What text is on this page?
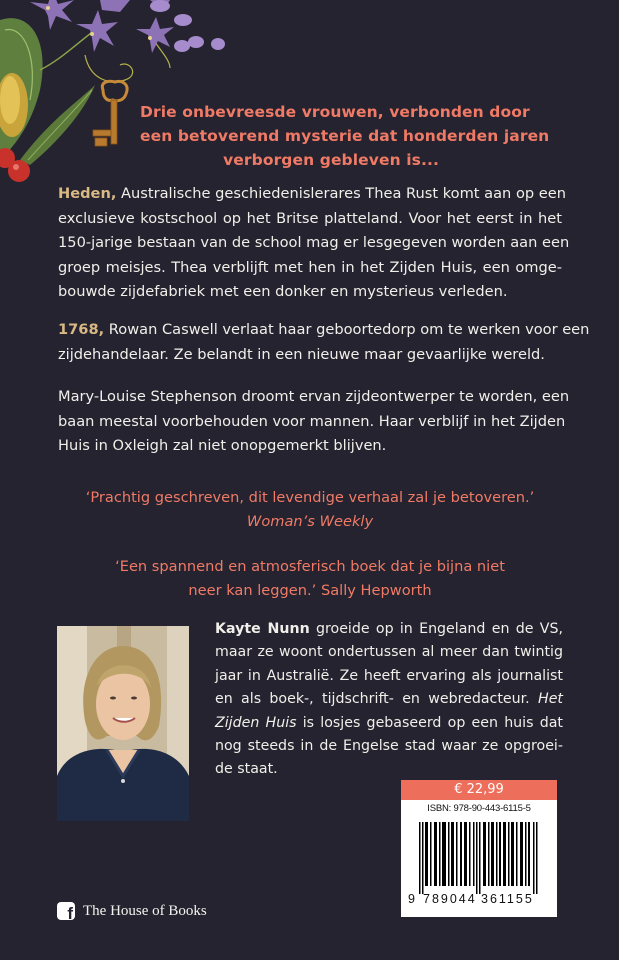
Drie onbevreesde vrouwen, verbonden door
een betoverend mysterie dat honderden jaren
verborgen gebleven is...
Heden, Australische geschiedenislerares Thea Rust komt aan op een
exclusieve kostschool op het Britse platteland. Voor het eerst in het
150-jarige bestaan van de school mag er lesgegeven worden aan een
groep meisjes. Thea verblijft met hen in het Zijden Huis, een omge-
bouwde zijdefabriek met een donker en mysterieus verleden.
1768, Rowan Caswell verlaat haar geboortedorp om te werken voor een
zijdehandelaar. Ze belandt in een nieuwe maar gevaarlijke wereld.
Mary-Louise Stephenson droomt ervan zijdeontwerper te worden, een
baan meestal voorbehouden voor mannen. Haar verblijf in het Zijden
Huis in Oxleigh zal niet onopgemerkt blijven.
‘Prachtig geschreven, dit levendige verhaal zal je betoveren.’
Woman’s Weekly
‘Een spannend en atmosferisch boek dat je bijna niet
neer kan leggen.’ Sally Hepworth
Kayte Nunn groeide op in Engeland en de VS,
maar ze woont ondertussen al meer dan twintig
jaar in Australië. Ze heeft ervaring als journalist
en als boek-, tijdschrift- en webredacteur. Het
Zijden Huis is losjes gebaseerd op een huis dat
nog steeds in de Engelse stad waar ze opgroei-
de staat.
€ 22,99
ISBN: 978-90-443-6115-5
9 789044 361155
f The House of Books
